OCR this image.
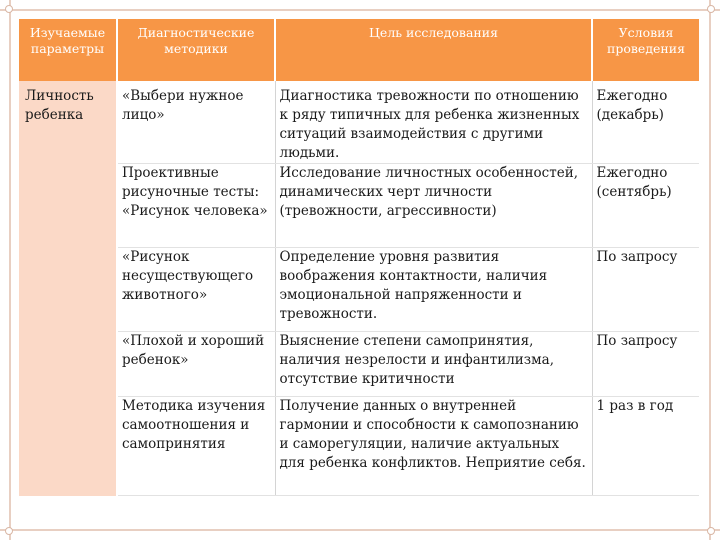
Изучаемые параметры	Диагностические методики	Цель исследования	Условия проведения
Личность ребенка	«Выбери нужное лицо»	Диагностика тревожности по отношению к ряду типичных для ребенка жизненных ситуаций взаимодействия с другими людьми.	Ежегодно (декабрь)
	Проективные рисуночные тесты: «Рисунок человека»	Исследование личностных особенностей, динамических черт личности (тревожности, агрессивности)	Ежегодно (сентябрь)
	«Рисунок несуществующего животного»	Определение уровня развития воображения контактности, наличия эмоциональной напряженности и тревожности.	По запросу
	«Плохой и хороший ребенок»	Выяснение степени самопринятия, наличия незрелости и инфантилизма, отсутствие критичности	По запросу
	Методика изучения самоотношения и самопринятия	Получение данных о внутренней гармонии и способности к самопознанию и саморегуляции, наличие актуальных для ребенка конфликтов. Неприятие себя.	1 раз в год
